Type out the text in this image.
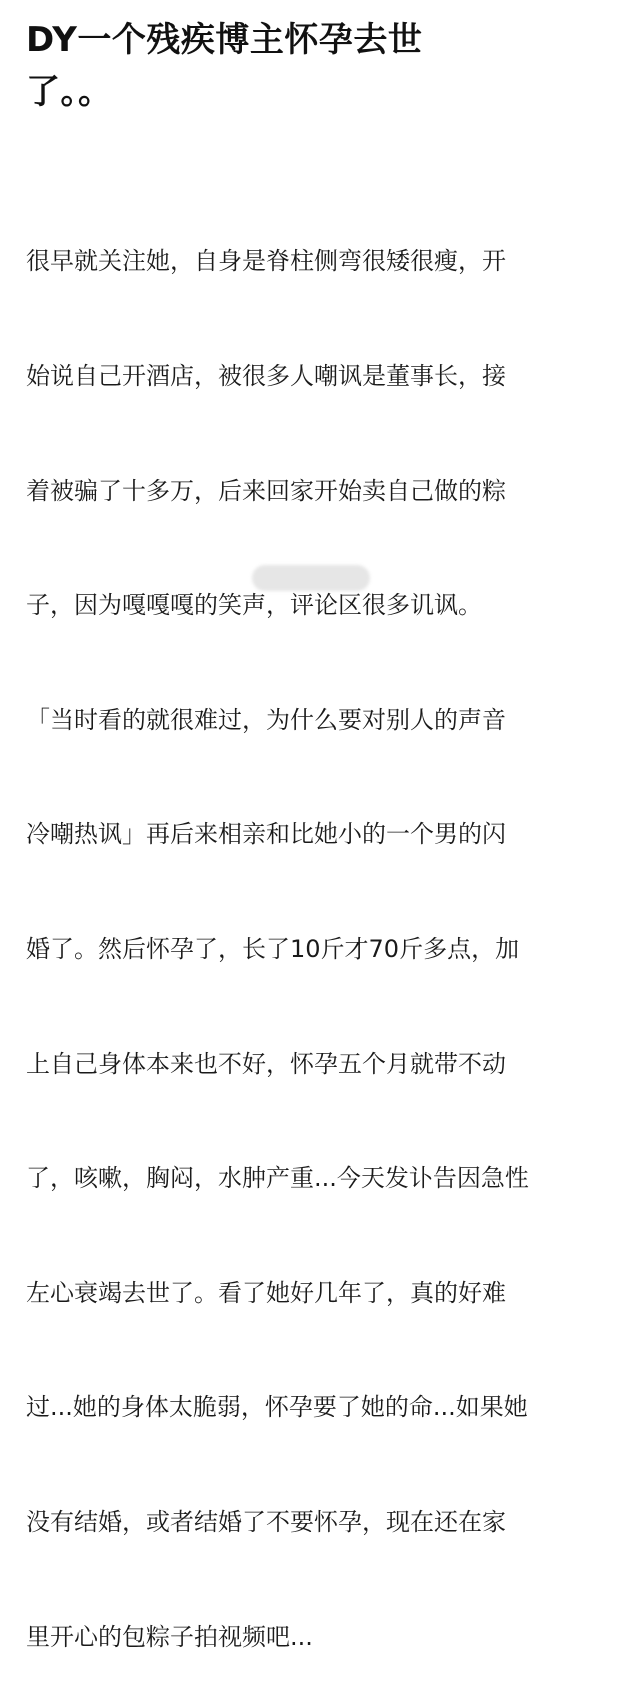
DY一个残疾博主怀孕去世
了。。

很早就关注她，自身是脊柱侧弯很矮很瘦，开

始说自己开酒店，被很多人嘲讽是董事长，接

着被骗了十多万，后来回家开始卖自己做的粽

子，因为嘎嘎嘎的笑声，评论区很多讥讽。

「当时看的就很难过，为什么要对别人的声音

冷嘲热讽」再后来相亲和比她小的一个男的闪

婚了。然后怀孕了，长了10斤才70斤多点，加

上自己身体本来也不好，怀孕五个月就带不动

了，咳嗽，胸闷，水肿产重...今天发讣告因急性

左心衰竭去世了。看了她好几年了，真的好难

过...她的身体太脆弱，怀孕要了她的命...如果她

没有结婚，或者结婚了不要怀孕，现在还在家

里开心的包粽子拍视频吧...
